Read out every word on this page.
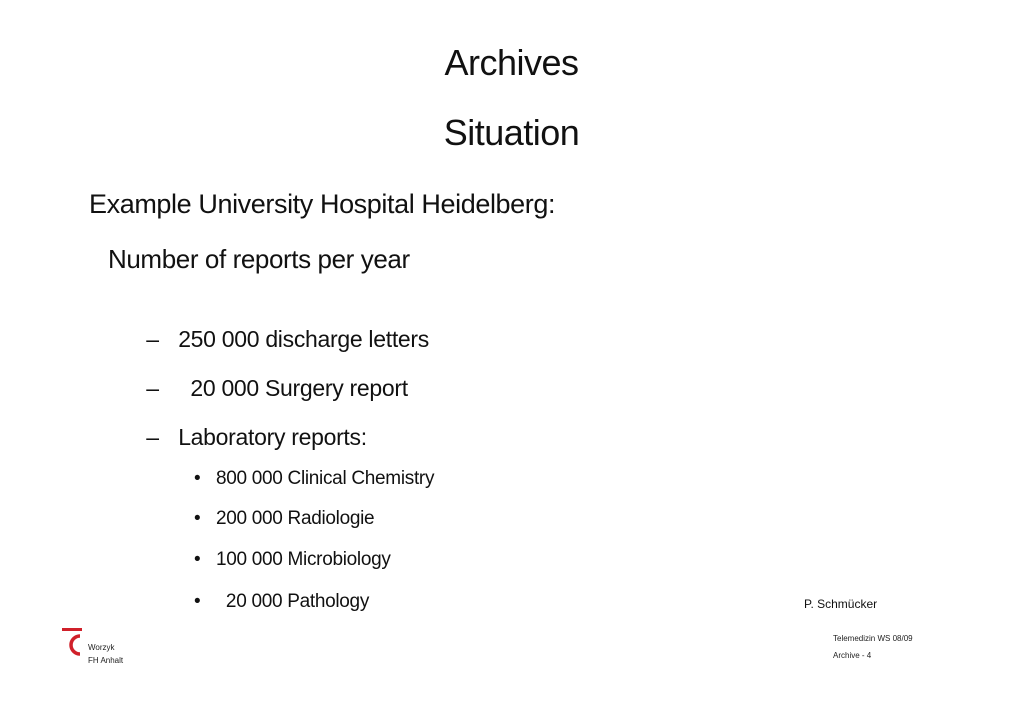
Archives
Situation
Example University Hospital Heidelberg:
Number of reports per year

– 250 000 discharge letters

–  20 000 Surgery report

– Laboratory reports:

• 800 000 Clinical Chemistry

• 200 000 Radiologie

• 100 000 Microbiology

•  20 000 Pathology	P. Schmücker
Worzyk
FH Anhalt
Telemedizin WS 08/09
Archive - 4
